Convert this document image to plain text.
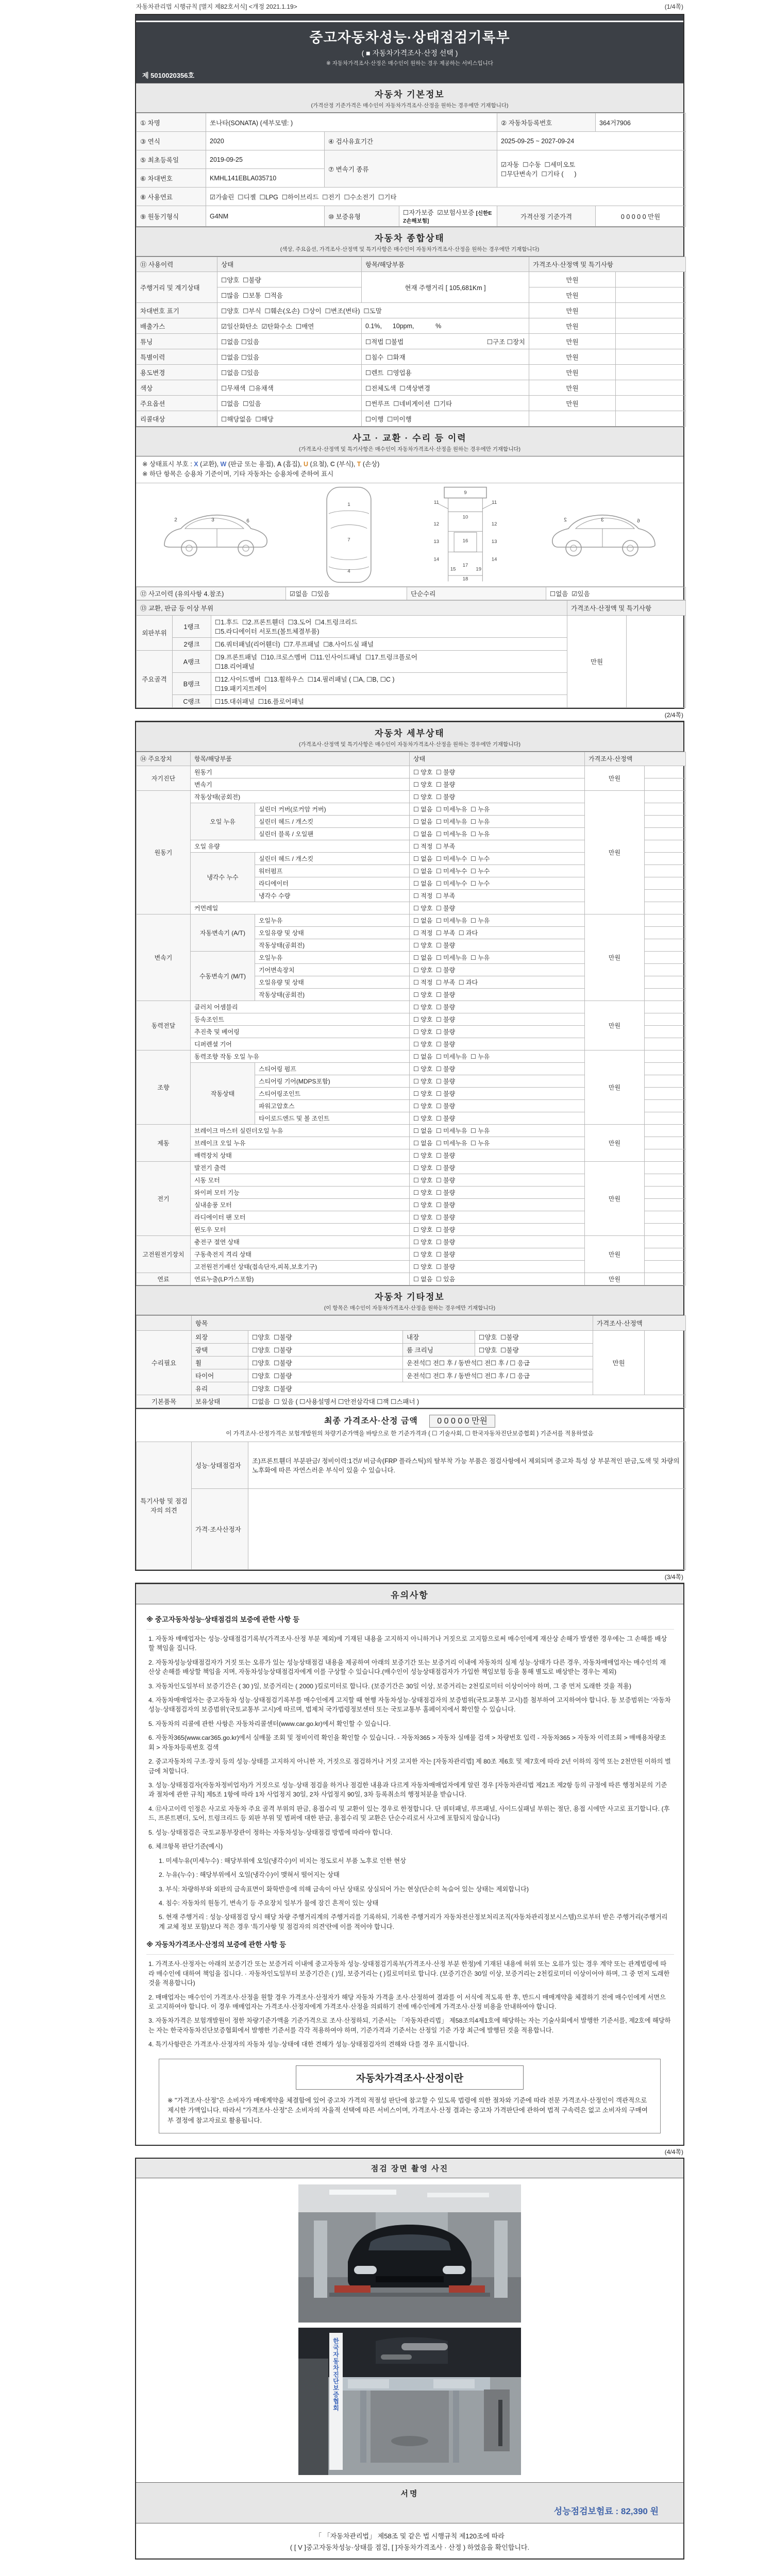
자동차관리법 시행규칙 [별지 제82호서식] <개정 2021.1.19>	(1/4쪽)
중고자동차성능·상태점검기록부
( ■ 자동차가격조사·산정 선택 )
※ 자동차가격조사·산정은 매수인이 원하는 경우 제공하는 서비스입니다
제 5010020356호
자동차 기본정보
(가격산정 기준가격은 매수인이 자동차가격조사·산정을 원하는 경우에만 기재합니다)
① 차명	쏘나타(SONATA) (세부모델: )			② 자동차등록번호	364거7906
③ 연식	2020	④ 검사유효기간		2025-09-25 ~ 2027-09-24	
⑤ 최초등록일	2019-09-25	⑦ 변속기 종류		☑자동  ☐수동  ☐세미오토
☐무단변속기  ☐기타 (      )	

⑥ 차대번호	KMHL141EBLA035710				
⑧ 사용연료	☑가솔린  ☐디젤  ☐LPG  ☐하이브리드  ☐전기  ☐수소전기  ☐기타				
⑨ 원동기형식	G4NM	⑩ 보증유형	☐자가보증  ☑보험사보증 [신한EZ손해보험]	가격산정 기준가격	0 0 0 0 0 만원
자동차 종합상태
(색상, 주요옵션, 가격조사·산정액 및 특기사항은 매수인이 자동차가격조사·산정을 원하는 경우에만 기재합니다)
⑪ 사용이력	상태	항목/해당부품	가격조사·산정액 및 특기사항	
주행거리 및 계기상태	☐양호  ☐불량	현재 주행거리 [ 105,681Km ]	만원	
	☐많음  ☐보통  ☐적음		만원	
차대번호 표기	☐양호  ☐부식  ☐훼손(오손)  ☐상이  ☐변조(변타)  ☐도말		만원	
배출가스	☑일산화탄소  ☑탄화수소  ☐매연	0.1%,      10ppm,            %	만원	
튜닝	☐없음 ☐있음	☐적법 ☐불법 ☐구조 ☐장치	만원	
특별이력	☐없음 ☐있음	☐침수  ☐화재	만원	
용도변경	☐없음 ☐있음	☐렌트  ☐영업용	만원	
색상	☐무채색  ☐유채색	☐전체도색  ☐색상변경	만원	
주요옵션	☐없음  ☐있음	☐썬루프  ☐네비게이션  ☐기타	만원	
리콜대상	☐해당없음  ☐해당	☐이행  ☐미이행		
사고 · 교환 · 수리 등 이력
(가격조사·산정액 및 특기사항은 매수인이 자동차가격조사·산정을 원하는 경우에만 기재합니다)
※ 상태표시 부호 : X (교환), W (판금 또는 용접), A (흠집), U (요철), C (부식), T (손상)
※ 하단 항목은 승용차 기준이며, 기타 자동차는 승용차에 준하여 표시
2	3	6
1
7
4
11	11
9
12	12
10
13	13
16
14	14
15
17
18
19
6
3
2
⑫ 사고이력 (유의사항 4.참조)	☑없음  ☐있음	단순수리	☐없음  ☑있음
⑬ 교환, 판금 등 이상 부위			가격조사·산정액 및 특기사항	
외판부위	1랭크	☐1.후드  ☐2.프론트휀더  ☐3.도어  ☐4.트렁크리드
☐5.라디에이터 서포트(볼트체결부품)	만원	
	2랭크	☐6.쿼터패널(리어휀더)  ☐7.루프패널  ☐8.사이드실 패널		

주요골격	A랭크	☐9.프론트패널  ☐10.크로스멤버  ☐11.인사이드패널  ☐17.트렁크플로어
☐18.리어패널		

	B랭크	☐12.사이드멤버  ☐13.휠하우스  ☐14.필러패널 ( ☐A, ☐B, ☐C )
☐19.패키지트레이		

	C랭크	☐15.대쉬패널  ☐16.플로어패널		
(2/4쪽)
자동차 세부상태
(가격조사·산정액 및 특기사항은 매수인이 자동차가격조사·산정을 원하는 경우에만 기재합니다)
⑭ 주요장치	항목/해당부품		상태	가격조사·산정액	
자기진단	원동기		☐ 양호  ☐ 불량	만원	
	변속기		☐ 양호  ☐ 불량		
원동기	작동상태(공회전)		☐ 양호  ☐ 불량	만원	
	오일 누유	실린더 커버(로커암 커버)	☐ 없음  ☐ 미세누유  ☐ 누유		
		실린더 헤드 / 개스킷	☐ 없음  ☐ 미세누유  ☐ 누유		
		실린더 블록 / 오일팬	☐ 없음  ☐ 미세누유  ☐ 누유		
	오일 유량		☐ 적정  ☐ 부족		
	냉각수 누수	실린더 헤드 / 개스킷	☐ 없음  ☐ 미세누수  ☐ 누수		
		워터펌프	☐ 없음  ☐ 미세누수  ☐ 누수		
		라디에이터	☐ 없음  ☐ 미세누수  ☐ 누수		
		냉각수 수량	☐ 적정  ☐ 부족		
	커먼레일		☐ 양호  ☐ 불량		
변속기	자동변속기 (A/T)	오일누유	☐ 없음  ☐ 미세누유  ☐ 누유	만원	
		오일유량 및 상태	☐ 적정  ☐ 부족  ☐ 과다		
		작동상태(공회전)	☐ 양호  ☐ 불량		
	수동변속기 (M/T)	오일누유	☐ 없음  ☐ 미세누유  ☐ 누유		
		기어변속장치	☐ 양호  ☐ 불량		
		오일유량 및 상태	☐ 적정  ☐ 부족  ☐ 과다		
		작동상태(공회전)	☐ 양호  ☐ 불량		
동력전달	클러치 어셈블리		☐ 양호  ☐ 불량	만원	
	등속조인트		☐ 양호  ☐ 불량		
	추진축 및 베어링		☐ 양호  ☐ 불량		
	디퍼렌셜 기어		☐ 양호  ☐ 불량		
조향	동력조향 작동 오일 누유		☐ 없음  ☐ 미세누유  ☐ 누유	만원	
	작동상태	스티어링 펌프	☐ 양호  ☐ 불량		
		스티어링 기어(MDPS포함)	☐ 양호  ☐ 불량		
		스티어링조인트	☐ 양호  ☐ 불량		
		파워고압호스	☐ 양호  ☐ 불량		
		타이로드엔드 및 볼 조인트	☐ 양호  ☐ 불량		
제동	브레이크 마스터 실린더오일 누유		☐ 없음  ☐ 미세누유  ☐ 누유	만원	
	브레이크 오일 누유		☐ 없음  ☐ 미세누유  ☐ 누유		
	배력장치 상태		☐ 양호  ☐ 불량		
전기	발전기 출력		☐ 양호  ☐ 불량	만원	
	시동 모터		☐ 양호  ☐ 불량		
	와이퍼 모터 기능		☐ 양호  ☐ 불량		
	실내송풍 모터		☐ 양호  ☐ 불량		
	라디에이터 팬 모터		☐ 양호  ☐ 불량		
	윈도우 모터		☐ 양호  ☐ 불량		
고전원전기장치	충전구 절연 상태		☐ 양호  ☐ 불량	만원	
	구동축전지 격리 상태		☐ 양호  ☐ 불량		
	고전원전기배선 상태(접속단자,피복,보호기구)		☐ 양호  ☐ 불량		
연료	연료누출(LP가스포함)		☐ 없음  ☐ 있음	만원	
자동차 기타정보
(이 항목은 매수인이 자동차가격조사·산정을 원하는 경우에만 기재합니다)
	항목				가격조사·산정액	
수리필요	외장	☐양호  ☐불량	내장	☐양호  ☐불량	만원	
	광택	☐양호  ☐불량	룸 크리닝	☐양호  ☐불량		
	휠	☐양호  ☐불량	운전석☐ 전☐ 후 / 동반석☐ 전☐ 후 / ☐ 응급			
	타이어	☐양호  ☐불량	운전석☐ 전☐ 후 / 동반석☐ 전☐ 후 / ☐ 응급			
	유리	☐양호  ☐불량				
기본품목	보유상태	☐없음  ☐ 있음 ( ☐사용설명서 ☐안전삼각대 ☐잭 ☐스패너 )				
최종 가격조사·산정 금액 0 0 0 0 0 만원
이 가격조사·산정가격은 보험개발원의 차량기준가액을 바탕으로 한 기준가격과 ( ☐ 기술사회, ☐ 한국자동차진단보증협회 ) 기준서를 적용하였음
특기사항 및 점검자의 의견	성능·상태점검자	조)프론트휀더 부분판금/ 정비이력:1건// 비금속(FRP 플라스틱)의 탈부착 가능 부품은 점검사항에서 제외되며 중고차 특성 상 부분적인 판금,도색 및 차량의 노후화에 따른 자연스러운 부식이 있을 수 있습니다.
	가격·조사산정자	
(3/4쪽)
유의사항
※ 중고자동차성능·상태점검의 보증에 관한 사항 등

1. 자동차 매매업자는 성능·상태점검기록부(가격조사·산정 부분 제외)에 기재된 내용을 고지하지 아니하거나 거짓으로 고지함으로써 매수인에게 재산상 손해가 발생한 경우에는 그 손해를 배상할 책임을 집니다.

2. 자동차성능상태점검자가 거짓 또는 오류가 있는 성능상태점검 내용을 제공하여 아래의 보증기간 또는 보증거리 이내에 자동차의 실제 성능·상태가 다른 경우, 자동차매매업자는 매수인의 재산상 손해를 배상할 책임을 지며, 자동차성능상태점검자에게 이를 구상할 수 있습니다.(매수인이 성능상태점검자가 가입한 책임보험 등을 통해 별도로 배상받는 경우는 제외)

3. 자동차인도일부터 보증기간은 ( 30 )일, 보증거리는 ( 2000 )킬로미터로 합니다. (보증기간은 30일 이상, 보증거리는 2천킬로미터 이상이어야 하며, 그 중 먼저 도래한 것을 적용)

4. 자동차매매업자는 중고자동차 성능·상태점검기록부를 매수인에게 고지할 때 현행 자동차성능·상태점검자의 보증범위(국토교통부 고시)를 첨부하여 고지하여야 합니다. 동 보증범위는 '자동차성능·상태점검자의 보증범위'(국토교통부 고시)에 따르며, 법제처 국가법령정보센터 또는 국토교통부 홈페이지에서 확인할 수 있습니다.

5. 자동차의 리콜에 관한 사항은 자동차리콜센터(www.car.go.kr)에서 확인할 수 있습니다.

6. 자동차365(www.car365.go.kr)에서 실매물 조회 및 정비이력 확인을 확인할 수 있습니다. - 자동차365 > 자동차 실매물 검색 > 차량번호 입력 - 자동차365 > 자동차 이력조회 > 매매용차량조회 > 자동차등록번호 검색

2. 중고자동차의 구조·장치 등의 성능·상태를 고지하지 아니한 자, 거짓으로 점검하거나 거짓 고지한 자는 [자동차관리법] 제 80조 제6호 및 제7호에 따라 2년 이하의 징역 또는 2천만원 이하의 벌금에 처합니다.

3. 성능·상태점검자(자동차정비업자)가 거짓으로 성능·상태 점검을 하거나 점검한 내용과 다르게 자동차매매업자에게 알린 경우 [자동차관리법 제21조 제2항 등의 규정에 따른 행정처분의 기준과 절차에 관한 규칙] 제5조 1항에 따라 1차 사업정지 30일, 2차 사업정지 90일, 3차 등록취소의 행정처분을 받습니다.

4. ⑫사고이력 인정은 사고로 자동차 주요 골격 부위의 판금, 용접수리 및 교환이 있는 경우로 한정합니다. 단 쿼터패널, 루프패널, 사이드실패널 부위는 절단, 용접 시에만 사고로 표기합니다. (후드, 프론트펜더, 도어, 트렁크리드 등 외판 부위 및 범퍼에 대한 판금, 용접수리 및 교환은 단순수리로서 사고에 포함되지 않습니다)

5. 성능·상태점검은 국토교통부장관이 정하는 자동차성능·상태점검 방법에 따라야 합니다.

6. 체크항목 판단기준(예시)

1. 미세누유(미세누수) : 해당부위에 오일(냉각수)이 비치는 정도로서 부품 노후로 인한 현상

2. 누유(누수) : 해당부위에서 오일(냉각수)이 맺혀서 떨어지는 상태

3. 부식: 차량하부와 외판의 금속표면이 화학반응에 의해 금속이 아닌 상태로 상실되어 가는 현상(단순히 녹슬어 있는 상태는 제외합니다)

4. 침수: 자동차의 원동기, 변속기 등 주요장치 일부가 물에 잠긴 흔적이 있는 상태

5. 현재 주행거리 : 성능·상태점검 당시 해당 차량 주행거리계의 주행거리를 기록하되, 기록한 주행거리가 자동차전산정보처리조직(자동차관리정보시스템)으로부터 받은 주행거리(주행거리계 교체 정보 포함)보다 적은 경우 '특기사항 및 점검자의 의견'란에 이를 적어야 합니다.

※ 자동차가격조사·산정의 보증에 관한 사항 등

1. 가격조사·산정자는 아래의 보증기간 또는 보증거리 이내에 중고자동차 성능·상태점검기록부(가격조사·산정 부분 한정)에 기재된 내용에 허위 또는 오류가 있는 경우 계약 또는 관계법령에 따라 매수인에 대하여 책임을 집니다. · 자동차인도일부터 보증기간은 ( )일, 보증거리는 ( )킬로미터로 합니다. (보증기간은 30일 이상, 보증거리는 2천킬로미터 이상이어야 하며, 그 중 먼저 도래한 것을 적용합니다)

2. 매매업자는 매수인이 가격조사·산정을 원할 경우 가격조사·산정자가 해당 자동차 가격을 조사·산정하여 결과를 이 서식에 적도록 한 후, 반드시 매매계약을 체결하기 전에 매수인에게 서면으로 고지하여야 합니다. 이 경우 매매업자는 가격조사·산정자에게 가격조사·산정을 의뢰하기 전에 매수인에게 가격조사·산정 비용을 안내하여야 합니다.

3. 자동차가격은 보험개발원이 정한 차량기준가액을 기준가격으로 조사·산정하되, 기준서는 「자동차관리법」 제58조의4제1호에 해당하는 자는 기술사회에서 발행한 기준서를, 제2호에 해당하는 자는 한국자동차진단보증협회에서 발행한 기준서를 각각 적용하여야 하며, 기준가격과 기준서는 산정일 기준 가장 최근에 발행된 것을 적용합니다.

4. 특기사항란은 가격조사·산정자의 자동차 성능·상태에 대한 견해가 성능·상태점검자의 견해와 다를 경우 표시합니다.

자동차가격조사·산정이란
※ "가격조사·산정"은 소비자가 매매계약을 체결함에 있어 중고차 가격의 적절성 판단에 참고할 수 있도록 법령에 의한 절차와 기준에 따라 전문 가격조사·산정인이 객관적으로 제시한 가액입니다. 따라서 "가격조사·산정"은 소비자의 자율적 선택에 따른 서비스이며, 가격조사·산정 결과는 중고차 가격판단에 관하여 법적 구속력은 없고 소비자의 구매여부 결정에 참고자료로 활용됩니다.
(4/4쪽)
점검 장면 촬영 사진
한 국 자 동 차 진 단 보 증 협 회
서명
성능점검보험료 : 82,390 원
「 「자동차관리법」 제58조 및 같은 법 시행규칙 제120조에 따라
( [ V ]중고자동차성능·상태를 점검, [ ]자동차가격조사 · 산정 ) 하였음을 확인합니다.
